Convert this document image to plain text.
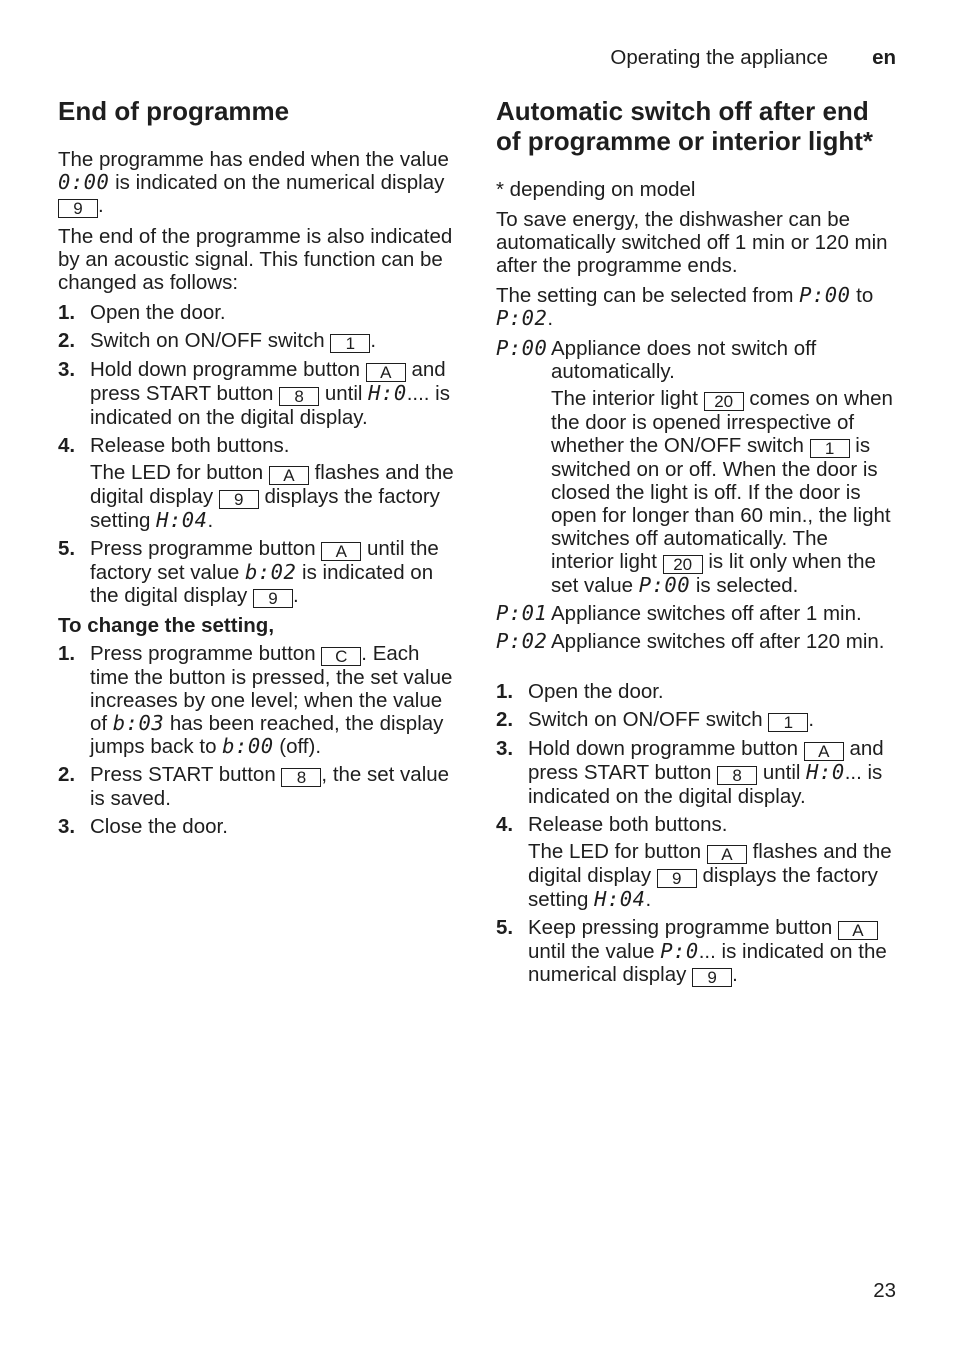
Operating the appliance en
End of programme

The programme has ended when the value 0:00 is indicated on the numerical display 9 .

The end of the programme is also indicated by an acoustic signal. This function can be changed as follows:

1. Open the door.
2. Switch on ON/OFF switch 1 .
3. Hold down programme button A and press START button 8 until H:0.... is indicated on the digital display.
4. Release both buttons.
The LED for button A flashes and the digital display 9 displays the factory setting H:04.
5. Press programme button A until the factory set value b:02 is indicated on the digital display 9 .
To change the setting,
1. Press programme button C . Each time the button is pressed, the set value increases by one level; when the value of b:03 has been reached, the display jumps back to b:00 (off).
2. Press START button 8 , the set value is saved.
3. Close the door.
Automatic switch off after end of programme or interior light*

* depending on model

To save energy, the dishwasher can be automatically switched off 1 min or 120 min after the programme ends.

The setting can be selected from P:00 to P:02.

P:00 Appliance does not switch off automatically.
The interior light 20 comes on when the door is opened irrespective of whether the ON/OFF switch 1 is switched on or off. When the door is closed the light is off. If the door is open for longer than 60 min., the light switches off automatically. The interior light 20 is lit only when the set value P:00 is selected.
P:01 Appliance switches off after 1 min.
P:02 Appliance switches off after 120 min.
1. Open the door.
2. Switch on ON/OFF switch 1 .
3. Hold down programme button A and press START button 8 until H:0... is indicated on the digital display.
4. Release both buttons.
The LED for button A flashes and the digital display 9 displays the factory setting H:04.
5. Keep pressing programme button A until the value P:0... is indicated on the numerical display 9 .
23
